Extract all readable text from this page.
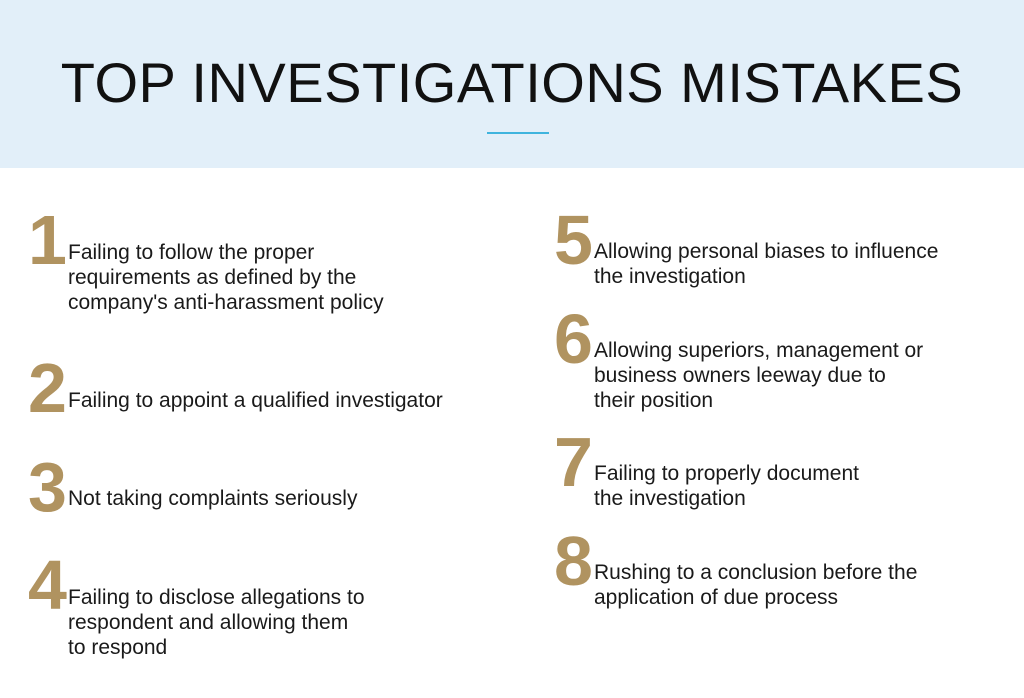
TOP INVESTIGATIONS MISTAKES
1 Failing to follow the proper
requirements as defined by the
company's anti-harassment policy
2 Failing to appoint a qualified investigator
3 Not taking complaints seriously
4 Failing to disclose allegations to
respondent and allowing them
to respond
5 Allowing personal biases to influence
the investigation
6 Allowing superiors, management or
business owners leeway due to
their position
7 Failing to properly document
the investigation
8 Rushing to a conclusion before the
application of due process
